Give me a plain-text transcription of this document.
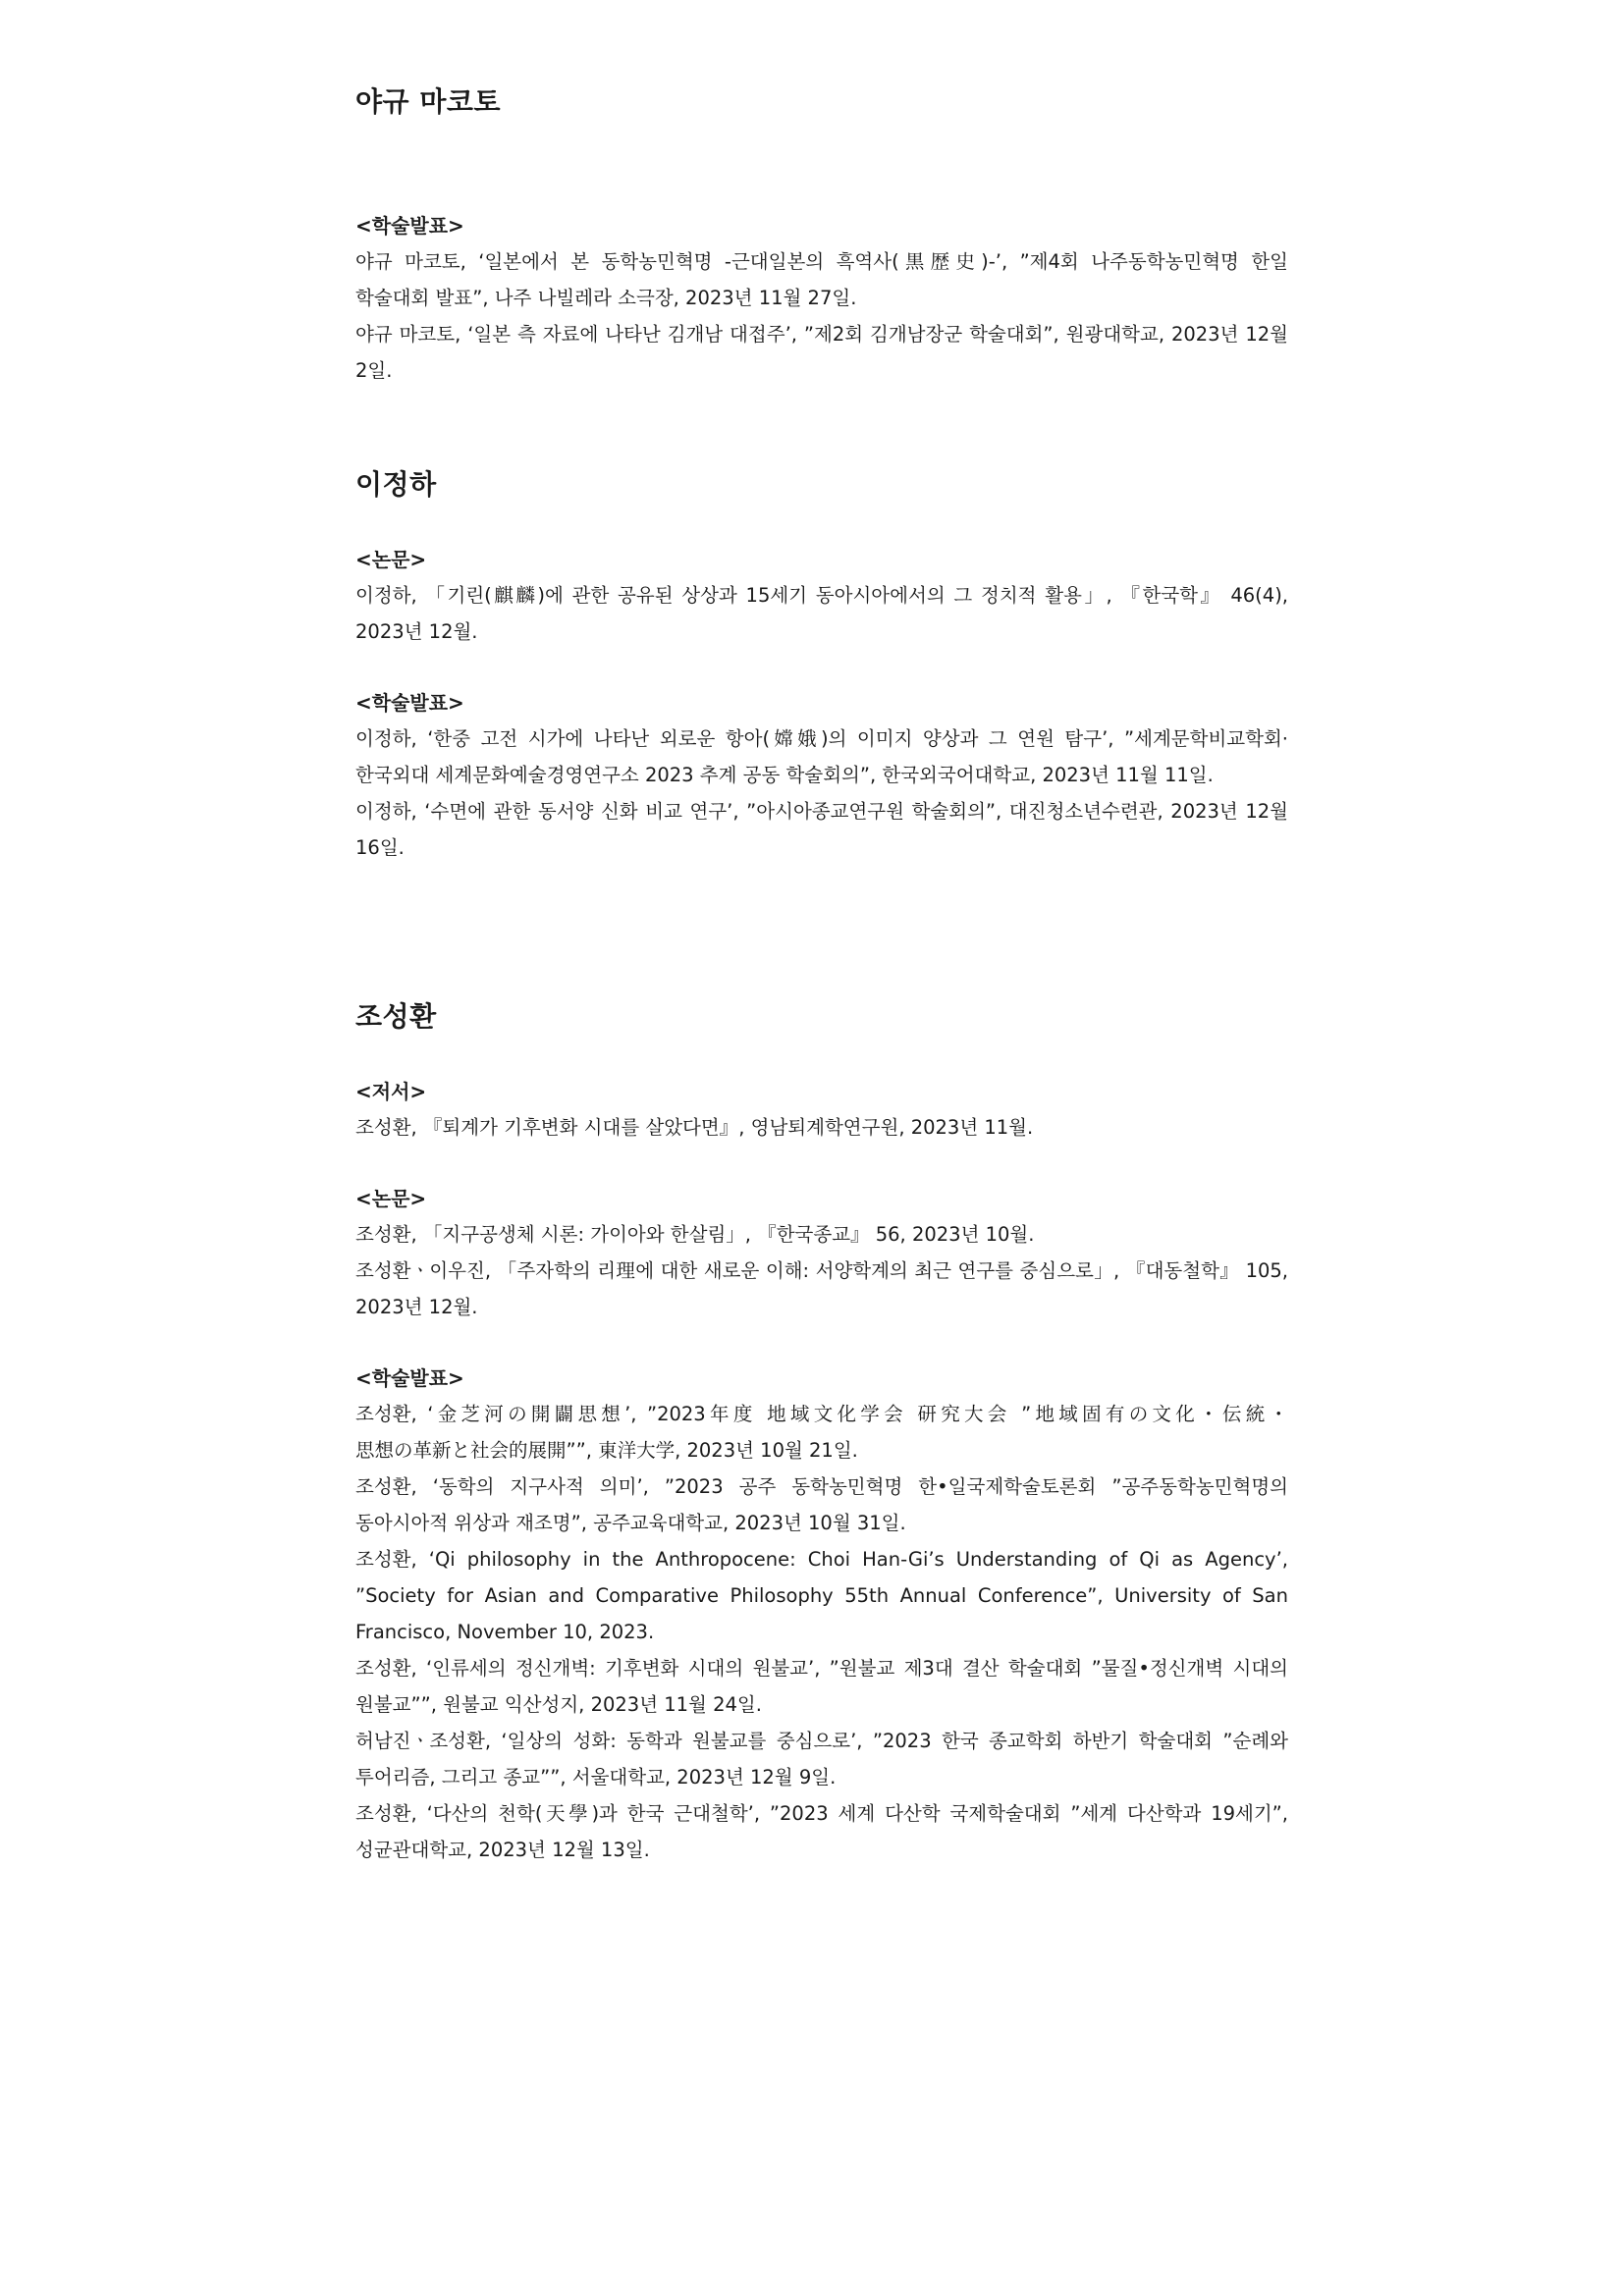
야규 마코토
<학술발표>

야규 마코토, ‘일본에서 본 동학농민혁명 -근대일본의 흑역사(黒歴史)-’, ”제4회 나주동학농민혁명 한일 학술대회 발표”, 나주 나빌레라 소극장, 2023년 11월 27일.

야규 마코토, ‘일본 측 자료에 나타난 김개남 대접주’, ”제2회 김개남장군 학술대회”, 원광대학교, 2023년 12월 2일.

이정하
<논문>

이정하, 「기린(麒麟)에 관한 공유된 상상과 15세기 동아시아에서의 그 정치적 활용」, 『한국학』 46(4), 2023년 12월.

<학술발표>

이정하, ‘한중 고전 시가에 나타난 외로운 항아(嫦娥)의 이미지 양상과 그 연원 탐구’, ”세계문학비교학회·한국외대 세계문화예술경영연구소 2023 추계 공동 학술회의”, 한국외국어대학교, 2023년 11월 11일.

이정하, ‘수면에 관한 동서양 신화 비교 연구’, ”아시아종교연구원 학술회의”, 대진청소년수련관, 2023년 12월 16일.

조성환
<저서>

조성환, 『퇴계가 기후변화 시대를 살았다면』, 영남퇴계학연구원, 2023년 11월.

<논문>

조성환, 「지구공생체 시론: 가이아와 한살림」, 『한국종교』 56, 2023년 10월.

조성환ㆍ이우진, 「주자학의 리理에 대한 새로운 이해: 서양학계의 최근 연구를 중심으로」, 『대동철학』 105, 2023년 12월.

<학술발표>

조성환, ‘金芝河の開闢思想’, ”2023年度 地域文化学会 研究大会 ”地域固有の文化・伝統・思想の革新と社会的展開””, 東洋大学, 2023년 10월 21일.

조성환, ‘동학의 지구사적 의미’, ”2023 공주 동학농민혁명 한•일국제학술토론회 ”공주동학농민혁명의 동아시아적 위상과 재조명”, 공주교육대학교, 2023년 10월 31일.

조성환, ‘Qi philosophy in the Anthropocene: Choi Han-Gi’s Understanding of Qi as Agency’, ”Society for Asian and Comparative Philosophy 55th Annual Conference”, University of San Francisco, November 10, 2023.

조성환, ‘인류세의 정신개벽: 기후변화 시대의 원불교’, ”원불교 제3대 결산 학술대회 ”물질•정신개벽 시대의 원불교””, 원불교 익산성지, 2023년 11월 24일.

허남진ㆍ조성환, ‘일상의 성화: 동학과 원불교를 중심으로’, ”2023 한국 종교학회 하반기 학술대회 ”순례와 투어리즘, 그리고 종교””, 서울대학교, 2023년 12월 9일.

조성환, ‘다산의 천학(天學)과 한국 근대철학’, ”2023 세계 다산학 국제학술대회 ”세계 다산학과 19세기”, 성균관대학교, 2023년 12월 13일.
